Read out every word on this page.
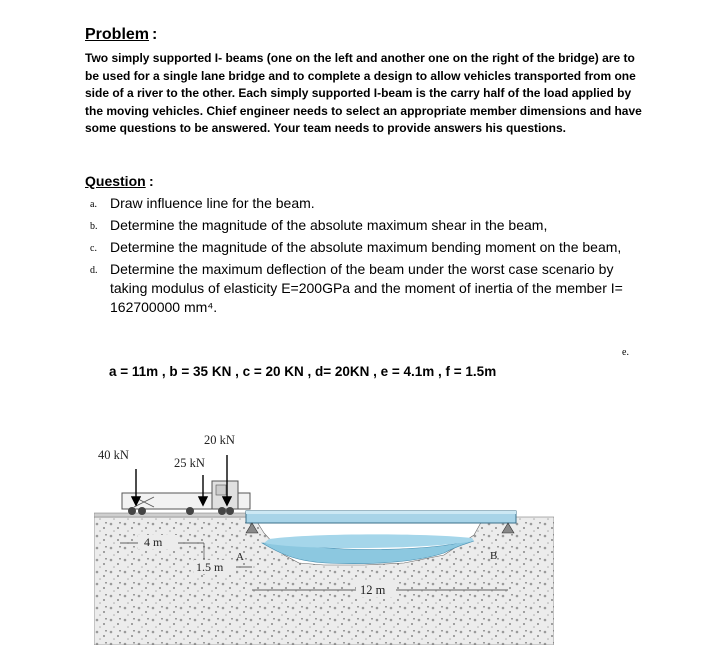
Problem :
Two simply supported I- beams (one on the left and another one on the right of the bridge) are to be used for a single lane bridge and to complete a design to allow vehicles transported from one side of a river to the other. Each simply supported I-beam is the carry half of the load applied by the moving vehicles. Chief engineer needs to select an appropriate member dimensions and have some questions to be answered. Your team needs to provide answers his questions.
Question :
a. Draw influence line for the beam.
b. Determine the magnitude of the absolute maximum shear in the beam,
c. Determine the magnitude of the absolute maximum bending moment on the beam,
d. Determine the maximum deflection of the beam under the worst case scenario by taking modulus of elasticity E=200GPa and the moment of inertia of the member I= 162700000 mm⁴.
e.
a = 11m , b = 35 KN , c = 20 KN , d= 20KN , e = 4.1m , f = 1.5m
A	B
40 kN
25 kN
20 kN
4 m
1.5 m
12 m
